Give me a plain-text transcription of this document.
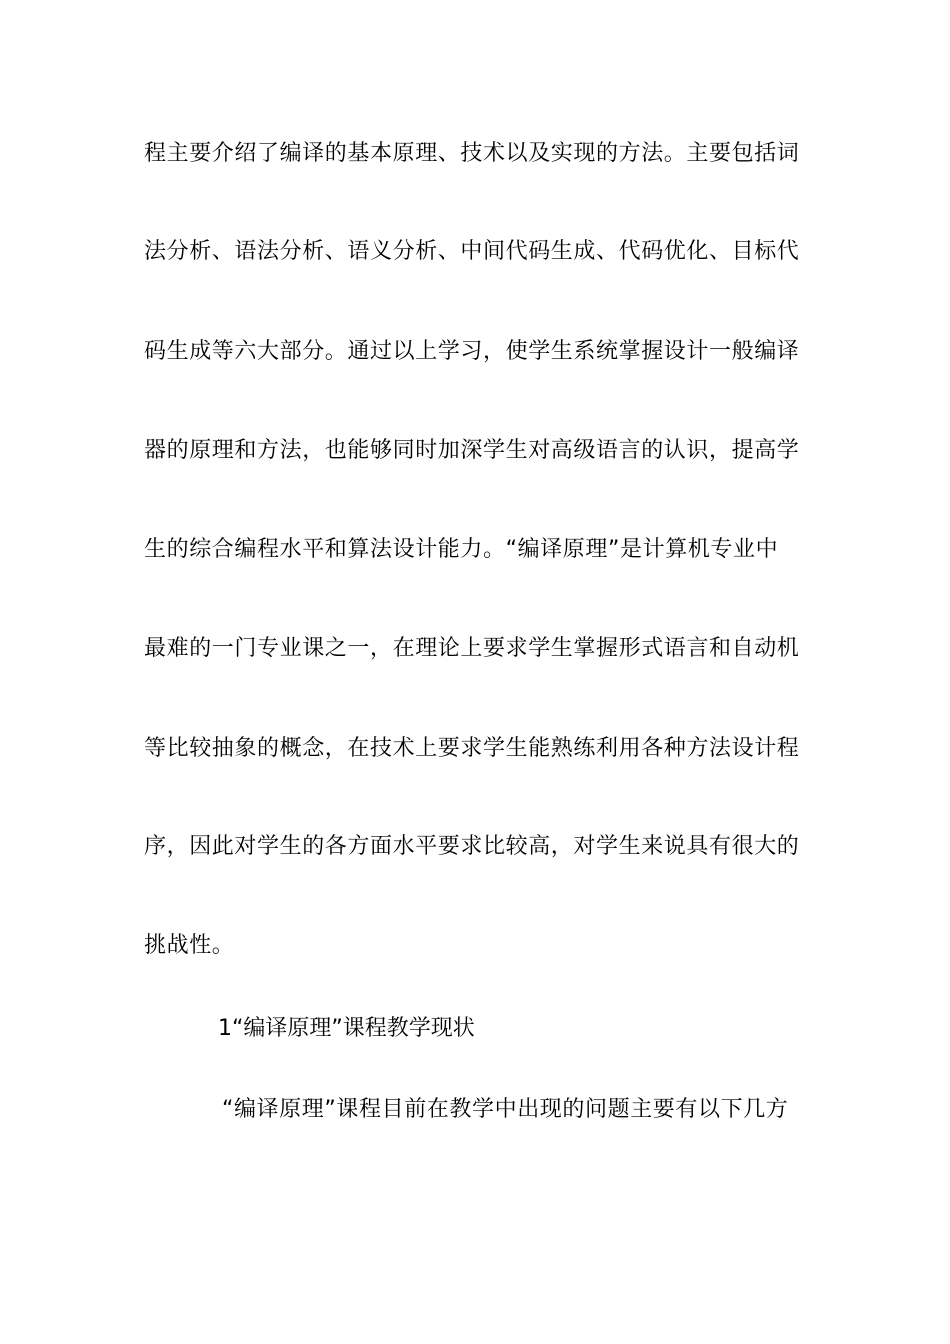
程主要介绍了编译的基本原理、技术以及实现的方法。主要包括词
法分析、语法分析、语义分析、中间代码生成、代码优化、目标代
码生成等六大部分。通过以上学习，使学生系统掌握设计一般编译
器的原理和方法，也能够同时加深学生对高级语言的认识，提高学
生的综合编程水平和算法设计能力。“编译原理”是计算机专业中
最难的一门专业课之一，在理论上要求学生掌握形式语言和自动机
等比较抽象的概念，在技术上要求学生能熟练利用各种方法设计程
序，因此对学生的各方面水平要求比较高，对学生来说具有很大的
挑战性。
1“编译原理”课程教学现状
“编译原理”课程目前在教学中出现的问题主要有以下几方
